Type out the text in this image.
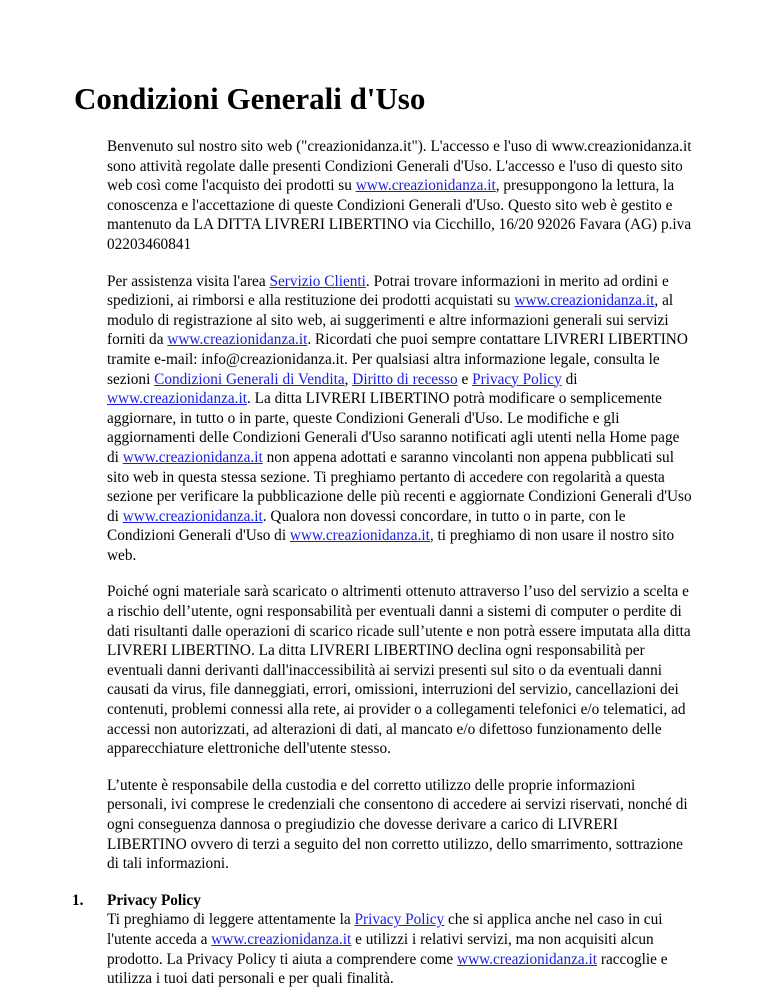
Condizioni Generali d'Uso

Benvenuto sul nostro sito web ("creazionidanza.it"). L'accesso e l'uso di www.creazionidanza.it sono attività regolate dalle presenti Condizioni Generali d'Uso. L'accesso e l'uso di questo sito web così come l'acquisto dei prodotti su www.creazionidanza.it, presuppongono la lettura, la conoscenza e l'accettazione di queste Condizioni Generali d'Uso. Questo sito web è gestito e mantenuto da LA DITTA LIVRERI LIBERTINO via Cicchillo, 16/20 92026 Favara (AG) p.iva 02203460841

Per assistenza visita l'area Servizio Clienti. Potrai trovare informazioni in merito ad ordini e spedizioni, ai rimborsi e alla restituzione dei prodotti acquistati su www.creazionidanza.it, al modulo di registrazione al sito web, ai suggerimenti e altre informazioni generali sui servizi forniti da www.creazionidanza.it. Ricordati che puoi sempre contattare LIVRERI LIBERTINO tramite e-mail: info@creazionidanza.it. Per qualsiasi altra informazione legale, consulta le sezioni Condizioni Generali di Vendita, Diritto di recesso e Privacy Policy di www.creazionidanza.it. La ditta LIVRERI LIBERTINO potrà modificare o semplicemente aggiornare, in tutto o in parte, queste Condizioni Generali d'Uso. Le modifiche e gli aggiornamenti delle Condizioni Generali d'Uso saranno notificati agli utenti nella Home page di www.creazionidanza.it non appena adottati e saranno vincolanti non appena pubblicati sul sito web in questa stessa sezione. Ti preghiamo pertanto di accedere con regolarità a questa sezione per verificare la pubblicazione delle più recenti e aggiornate Condizioni Generali d'Uso di www.creazionidanza.it. Qualora non dovessi concordare, in tutto o in parte, con le Condizioni Generali d'Uso di www.creazionidanza.it, ti preghiamo di non usare il nostro sito web.

Poiché ogni materiale sarà scaricato o altrimenti ottenuto attraverso l’uso del servizio a scelta e a rischio dell’utente, ogni responsabilità per eventuali danni a sistemi di computer o perdite di dati risultanti dalle operazioni di scarico ricade sull’utente e non potrà essere imputata alla ditta LIVRERI LIBERTINO. La ditta LIVRERI LIBERTINO declina ogni responsabilità per eventuali danni derivanti dall'inaccessibilità ai servizi presenti sul sito o da eventuali danni causati da virus, file danneggiati, errori, omissioni, interruzioni del servizio, cancellazioni dei contenuti, problemi connessi alla rete, ai provider o a collegamenti telefonici e/o telematici, ad accessi non autorizzati, ad alterazioni di dati, al mancato e/o difettoso funzionamento delle apparecchiature elettroniche dell'utente stesso.

L’utente è responsabile della custodia e del corretto utilizzo delle proprie informazioni personali, ivi comprese le credenziali che consentono di accedere ai servizi riservati, nonché di ogni conseguenza dannosa o pregiudizio che dovesse derivare a carico di LIVRERI LIBERTINO ovvero di terzi a seguito del non corretto utilizzo, dello smarrimento, sottrazione di tali informazioni.

1. Privacy Policy

Ti preghiamo di leggere attentamente la Privacy Policy che si applica anche nel caso in cui l'utente acceda a www.creazionidanza.it e utilizzi i relativi servizi, ma non acquisiti alcun prodotto. La Privacy Policy ti aiuta a comprendere come www.creazionidanza.it raccoglie e utilizza i tuoi dati personali e per quali finalità.
